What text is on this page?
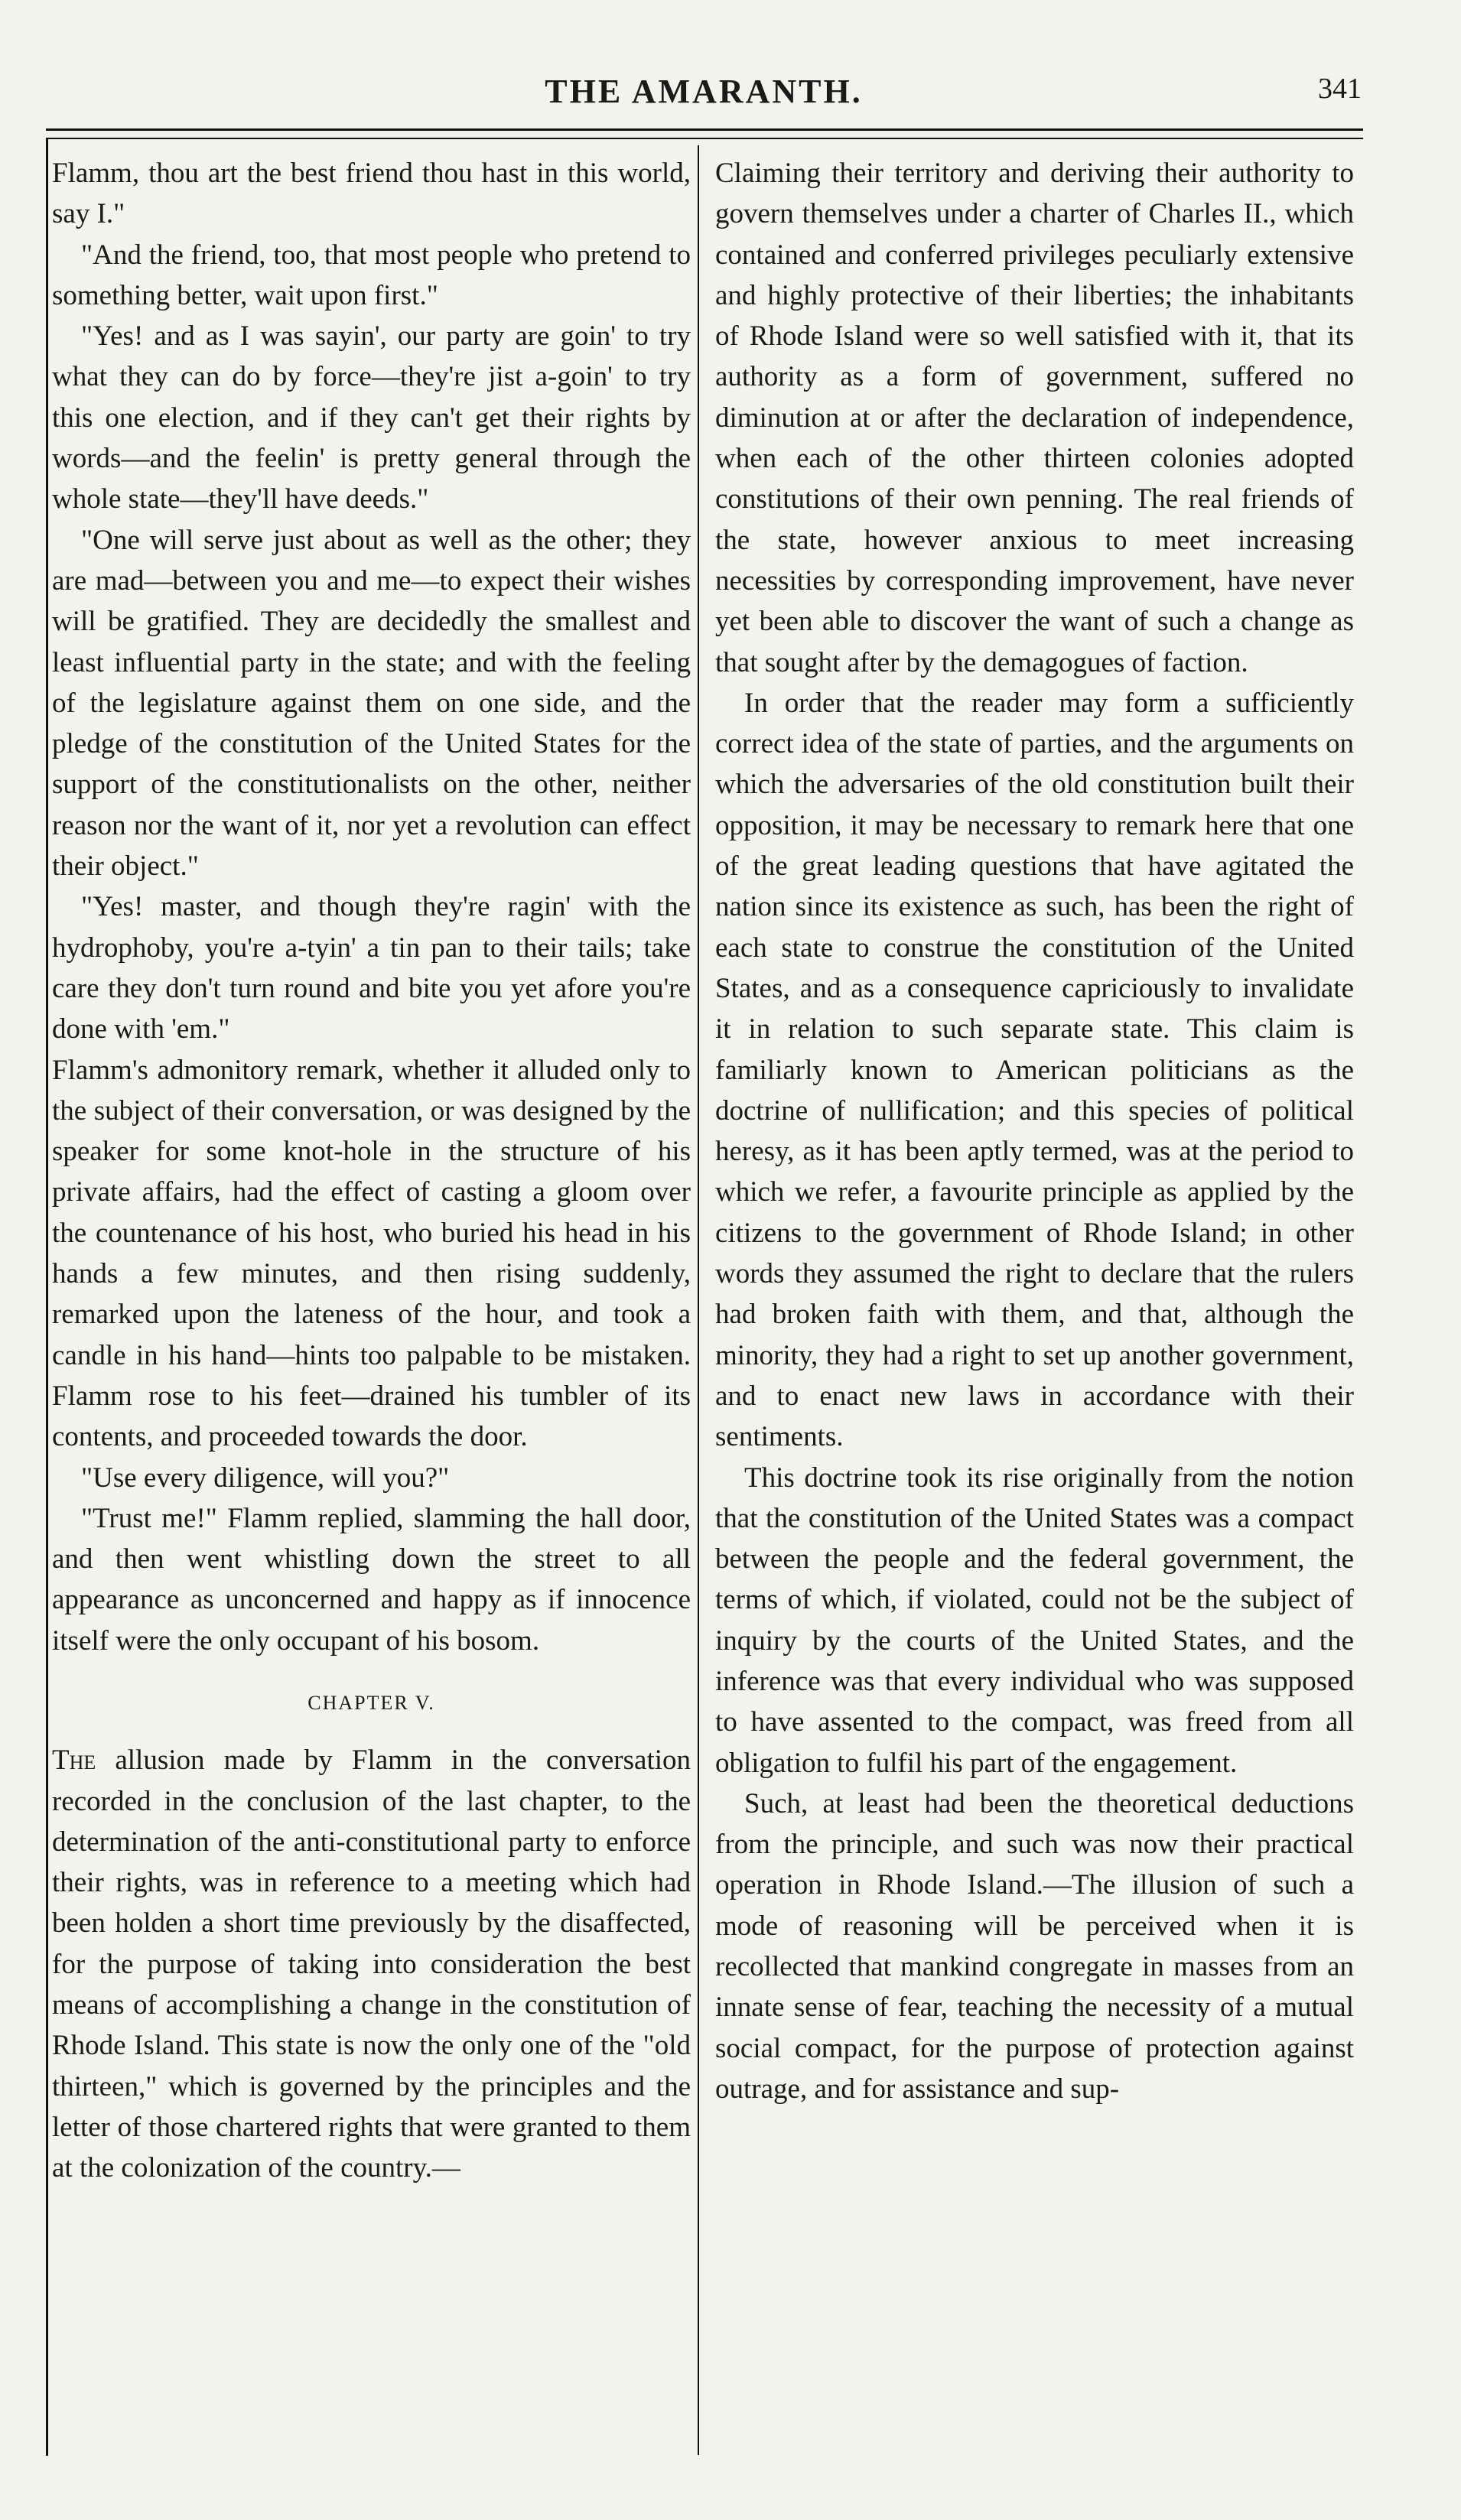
THE AMARANTH.	341

Flamm, thou art the best friend thou hast in this world, say I."

"And the friend, too, that most people who pretend to something better, wait upon first."

"Yes! and as I was sayin', our party are goin' to try what they can do by force—they're jist a-goin' to try this one election, and if they can't get their rights by words—and the feelin' is pretty general through the whole state—they'll have deeds."

"One will serve just about as well as the other; they are mad—between you and me—to expect their wishes will be gratified. They are decidedly the smallest and least influential party in the state; and with the feeling of the legislature against them on one side, and the pledge of the constitution of the United States for the support of the constitutionalists on the other, neither reason nor the want of it, nor yet a revolution can effect their object."

"Yes! master, and though they're ragin' with the hydrophoby, you're a-tyin' a tin pan to their tails; take care they don't turn round and bite you yet afore you're done with 'em."

Flamm's admonitory remark, whether it alluded only to the subject of their conversation, or was designed by the speaker for some knot-hole in the structure of his private affairs, had the effect of casting a gloom over the countenance of his host, who buried his head in his hands a few minutes, and then rising suddenly, remarked upon the lateness of the hour, and took a candle in his hand—hints too palpable to be mistaken. Flamm rose to his feet—drained his tumbler of its contents, and proceeded towards the door.

"Use every diligence, will you?"

"Trust me!" Flamm replied, slamming the hall door, and then went whistling down the street to all appearance as unconcerned and happy as if innocence itself were the only occupant of his bosom.

CHAPTER V.

The allusion made by Flamm in the conversation recorded in the conclusion of the last chapter, to the determination of the anti-constitutional party to enforce their rights, was in reference to a meeting which had been holden a short time previously by the disaffected, for the purpose of taking into consideration the best means of accomplishing a change in the constitution of Rhode Island. This state is now the only one of the "old thirteen," which is governed by the principles and the letter of those chartered rights that were granted to them at the colonization of the country.—

Claiming their territory and deriving their authority to govern themselves under a charter of Charles II., which contained and conferred privileges peculiarly extensive and highly protective of their liberties; the inhabitants of Rhode Island were so well satisfied with it, that its authority as a form of government, suffered no diminution at or after the declaration of independence, when each of the other thirteen colonies adopted constitutions of their own penning. The real friends of the state, however anxious to meet increasing necessities by corresponding improvement, have never yet been able to discover the want of such a change as that sought after by the demagogues of faction.

In order that the reader may form a sufficiently correct idea of the state of parties, and the arguments on which the adversaries of the old constitution built their opposition, it may be necessary to remark here that one of the great leading questions that have agitated the nation since its existence as such, has been the right of each state to construe the constitution of the United States, and as a consequence capriciously to invalidate it in relation to such separate state. This claim is familiarly known to American politicians as the doctrine of nullification; and this species of political heresy, as it has been aptly termed, was at the period to which we refer, a favourite principle as applied by the citizens to the government of Rhode Island; in other words they assumed the right to declare that the rulers had broken faith with them, and that, although the minority, they had a right to set up another government, and to enact new laws in accordance with their sentiments.

This doctrine took its rise originally from the notion that the constitution of the United States was a compact between the people and the federal government, the terms of which, if violated, could not be the subject of inquiry by the courts of the United States, and the inference was that every individual who was supposed to have assented to the compact, was freed from all obligation to fulfil his part of the engagement.

Such, at least had been the theoretical deductions from the principle, and such was now their practical operation in Rhode Island.—The illusion of such a mode of reasoning will be perceived when it is recollected that mankind congregate in masses from an innate sense of fear, teaching the necessity of a mutual social compact, for the purpose of protection against outrage, and for assistance and sup-
